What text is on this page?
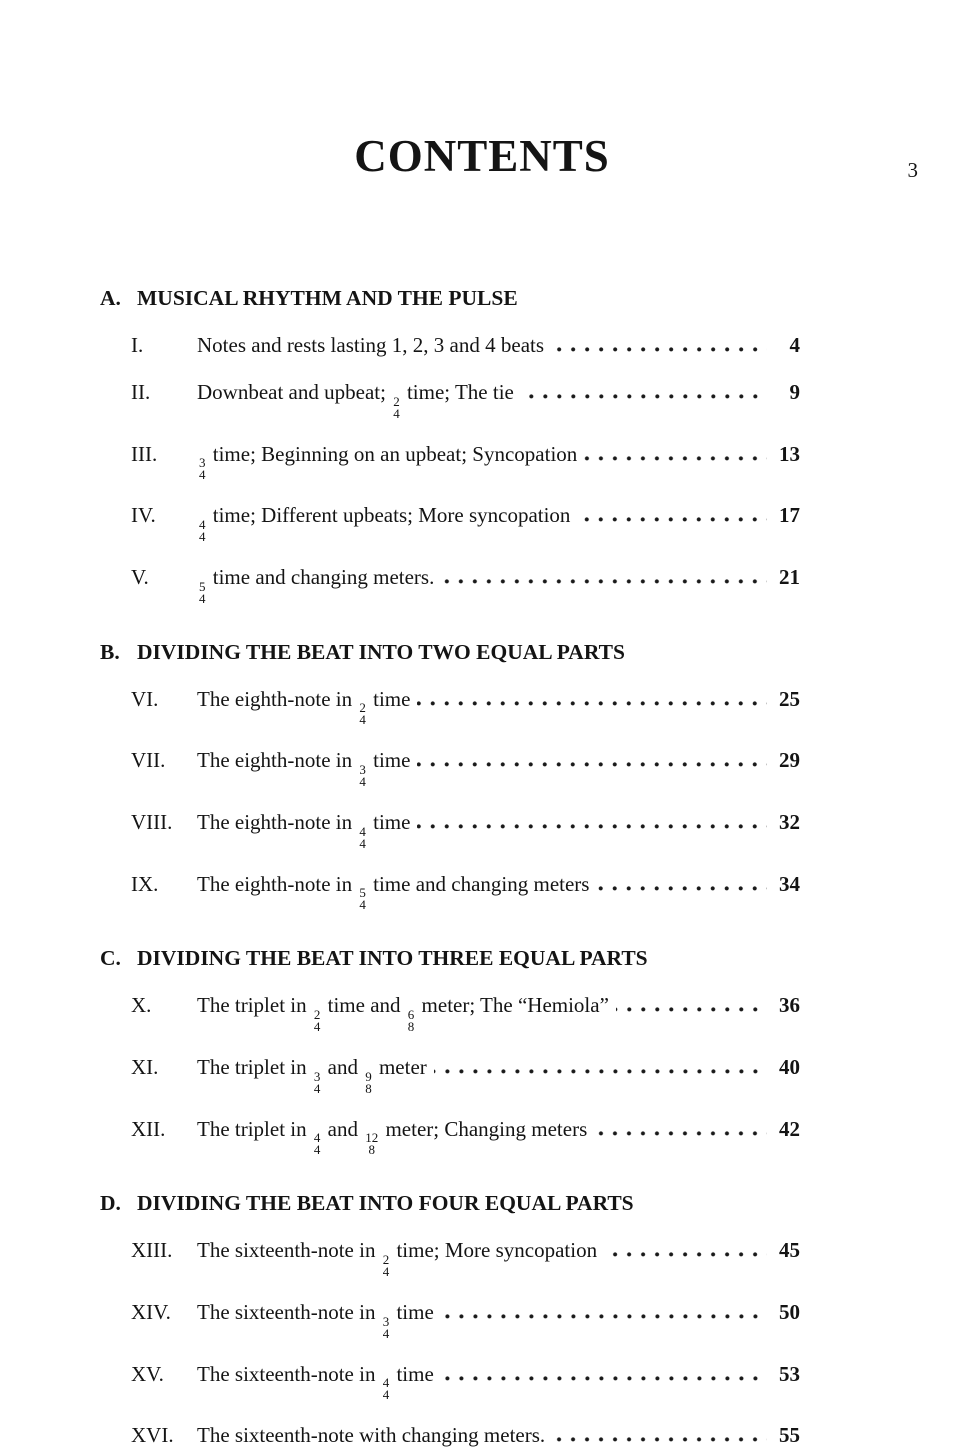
3
CONTENTS
A. MUSICAL RHYTHM AND THE PULSE
I.	Notes and rests lasting 1, 2, 3 and 4 beats	4
II.	Downbeat and upbeat; 2
4
time; The tie	9
III.	3
4
time; Beginning on an upbeat; Syncopation	13
IV.	4
4
time; Different upbeats; More syncopation	17
V.	5
4
time and changing meters.	21
B. DIVIDING THE BEAT INTO TWO EQUAL PARTS
VI.	The eighth-note in 2
4
time	25
VII.	The eighth-note in 3
4
time	29
VIII.	The eighth-note in 4
4
time	32
IX.	The eighth-note in 5
4
time and changing meters	34
C. DIVIDING THE BEAT INTO THREE EQUAL PARTS
X.	The triplet in 2
4
time and 6
8
meter; The “Hemiola”	36
XI.	The triplet in 3
4
and 9
8
meter	40
XII.	The triplet in 4
4
and 12
8
meter; Changing meters	42
D. DIVIDING THE BEAT INTO FOUR EQUAL PARTS
XIII.	The sixteenth-note in 2
4
time; More syncopation	45
XIV.	The sixteenth-note in 3
4
time	50
XV.	The sixteenth-note in 4
4
time	53
XVI.	The sixteenth-note with changing meters.	55
